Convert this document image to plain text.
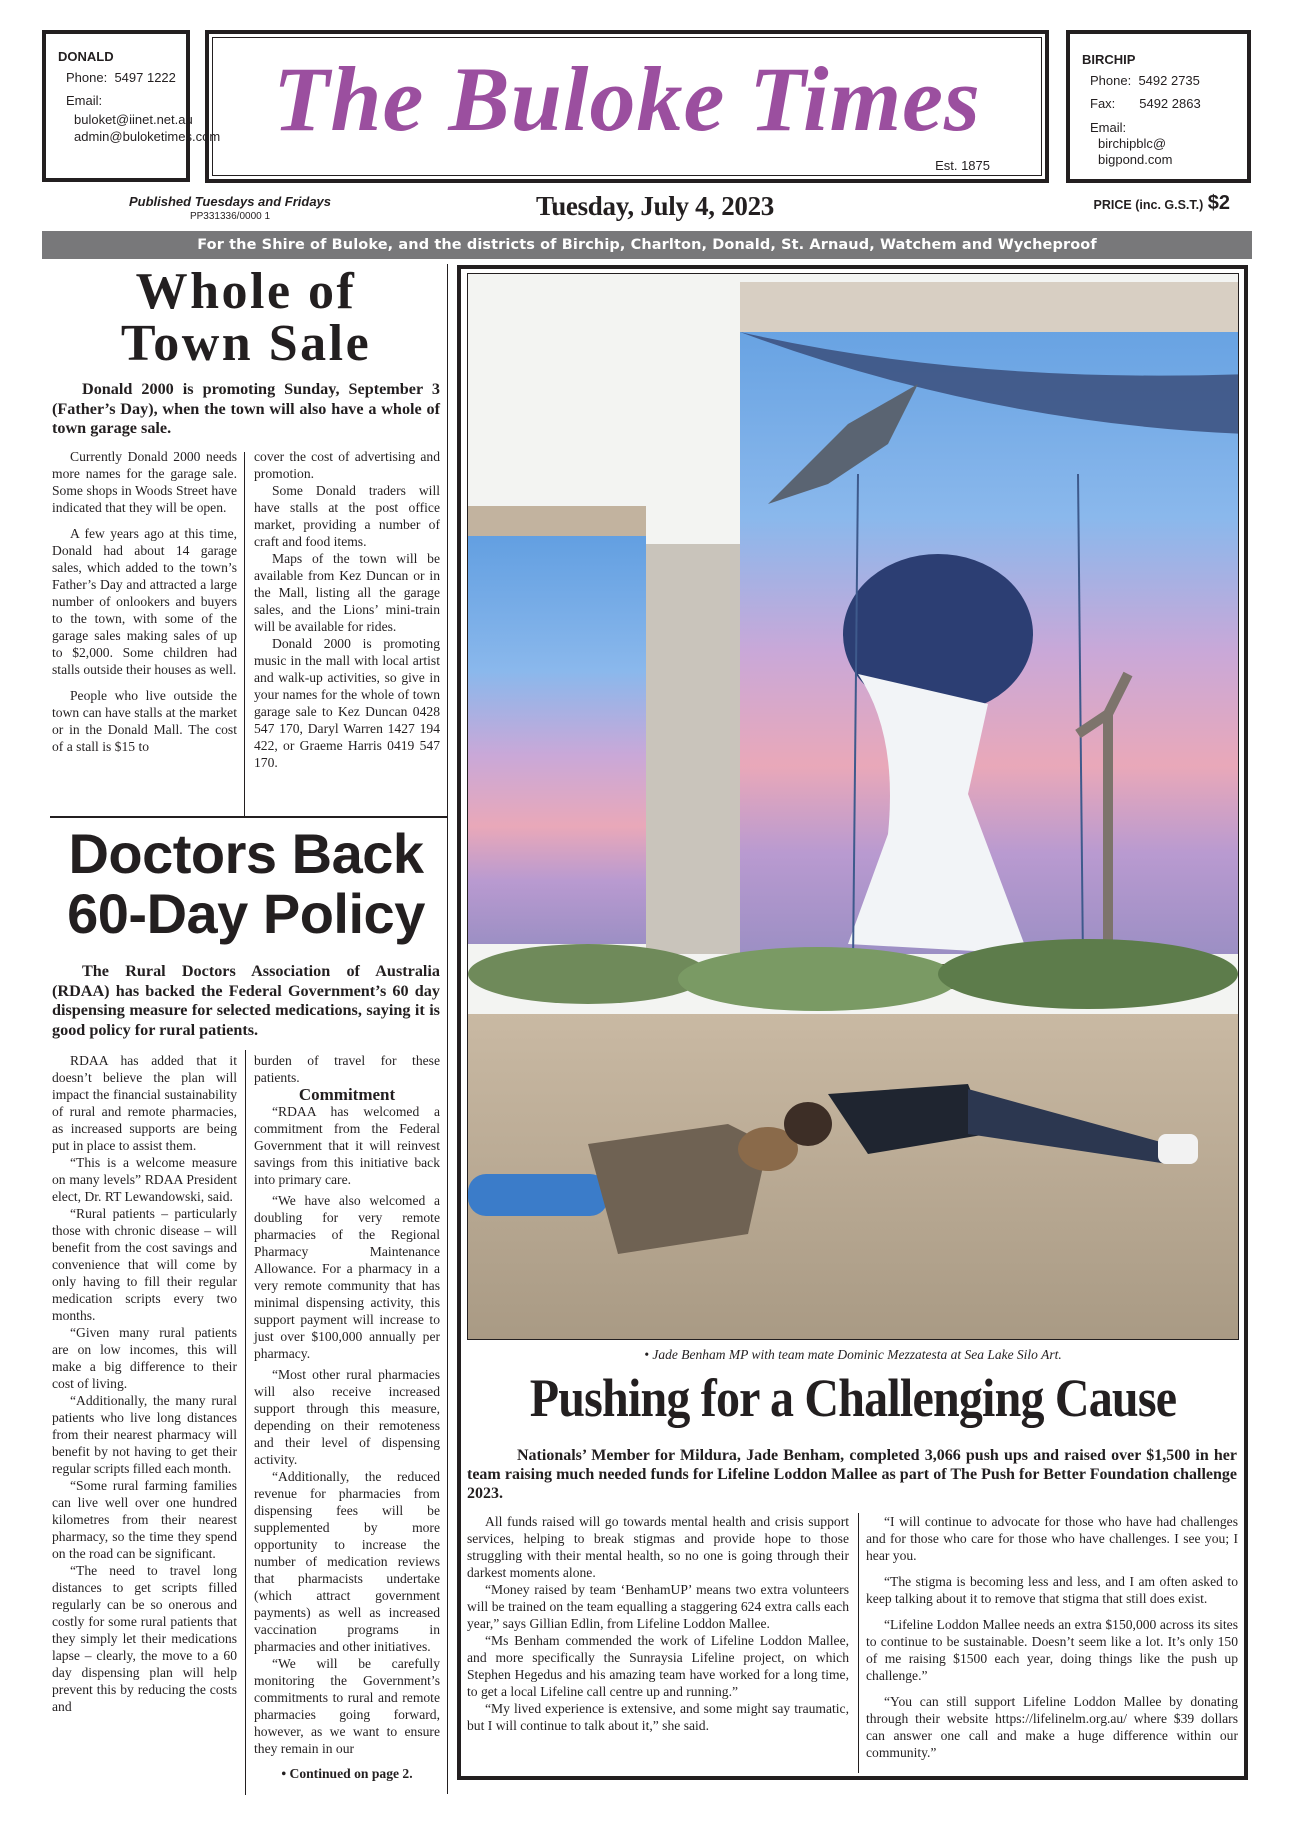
DONALD
Phone: 5497 1222
Email:
buloket@iinet.net.au
admin@buloketimes.com The Buloke Times
Est. 1875
BIRCHIP
Phone: 5492 2735
Fax: 5492 2863
Email:
birchipblc@
bigpond.com
Published Tuesdays and Fridays
PP331336/0000 1	Tuesday, July 4, 2023	PRICE (inc. G.S.T.) $2
For the Shire of Buloke, and the districts of Birchip, Charlton, Donald, St. Arnaud, Watchem and Wycheproof
Whole of
Town Sale
Donald 2000 is promoting Sunday, September 3 (Father’s Day), when the town will also have a whole of town garage sale.

Currently Donald 2000 needs more names for the garage sale. Some shops in Woods Street have indicated that they will be open.

A few years ago at this time, Donald had about 14 garage sales, which added to the town’s Father’s Day and attracted a large number of onlookers and buyers to the town, with some of the garage sales making sales of up to $2,000. Some children had stalls outside their houses as well.

People who live outside the town can have stalls at the market or in the Donald Mall. The cost of a stall is $15 to

cover the cost of advertising and promotion.

Some Donald traders will have stalls at the post office market, providing a number of craft and food items.

Maps of the town will be available from Kez Duncan or in the Mall, listing all the garage sales, and the Lions’ mini-train will be available for rides.

Donald 2000 is promoting music in the mall with local artist and walk-up activities, so give in your names for the whole of town garage sale to Kez Duncan 0428 547 170, Daryl Warren 1427 194 422, or Graeme Harris 0419 547 170.

Doctors Back
60-Day Policy
The Rural Doctors Association of Australia (RDAA) has backed the Federal Government’s 60 day dispensing measure for selected medications, saying it is good policy for rural patients.

RDAA has added that it doesn’t believe the plan will impact the financial sustainability of rural and remote pharmacies, as increased supports are being put in place to assist them.

“This is a welcome measure on many levels” RDAA President elect, Dr. RT Lewandowski, said.

“Rural patients – particularly those with chronic disease – will benefit from the cost savings and convenience that will come by only having to fill their regular medication scripts every two months.

“Given many rural patients are on low incomes, this will make a big difference to their cost of living.

“Additionally, the many rural patients who live long distances from their nearest pharmacy will benefit by not having to get their regular scripts filled each month.

“Some rural farming families can live well over one hundred kilometres from their nearest pharmacy, so the time they spend on the road can be significant.

“The need to travel long distances to get scripts filled regularly can be so onerous and costly for some rural patients that they simply let their medications lapse – clearly, the move to a 60 day dispensing plan will help prevent this by reducing the costs and

burden of travel for these patients.

Commitment

“RDAA has welcomed a commitment from the Federal Government that it will reinvest savings from this initiative back into primary care.

“We have also welcomed a doubling for very remote pharmacies of the Regional Pharmacy Maintenance Allowance. For a pharmacy in a very remote community that has minimal dispensing activity, this support payment will increase to just over $100,000 annually per pharmacy.

“Most other rural pharmacies will also receive increased support through this measure, depending on their remoteness and their level of dispensing activity.

“Additionally, the reduced revenue for pharmacies from dispensing fees will be supplemented by more opportunity to increase the number of medication reviews that pharmacists undertake (which attract government payments) as well as increased vaccination programs in pharmacies and other initiatives.

“We will be carefully monitoring the Government’s commitments to rural and remote pharmacies going forward, however, as we want to ensure they remain in our

• Continued on page 2.

• Jade Benham MP with team mate Dominic Mezzatesta at Sea Lake Silo Art.
Pushing for a Challenging Cause
Nationals’ Member for Mildura, Jade Benham, completed 3,066 push ups and raised over $1,500 in her team raising much needed funds for Lifeline Loddon Mallee as part of The Push for Better Foundation challenge 2023.

All funds raised will go towards mental health and crisis support services, helping to break stigmas and provide hope to those struggling with their mental health, so no one is going through their darkest moments alone.

“Money raised by team ‘BenhamUP’ means two extra volunteers will be trained on the team equalling a staggering 624 extra calls each year,” says Gillian Edlin, from Lifeline Loddon Mallee.

“Ms Benham commended the work of Lifeline Loddon Mallee, and more specifically the Sunraysia Lifeline project, on which Stephen Hegedus and his amazing team have worked for a long time, to get a local Lifeline call centre up and running.”

“My lived experience is extensive, and some might say traumatic, but I will continue to talk about it,” she said.

“I will continue to advocate for those who have had challenges and for those who care for those who have challenges. I see you; I hear you.

“The stigma is becoming less and less, and I am often asked to keep talking about it to remove that stigma that still does exist.

“Lifeline Loddon Mallee needs an extra $150,000 across its sites to continue to be sustainable. Doesn’t seem like a lot. It’s only 150 of me raising $1500 each year, doing things like the push up challenge.”

“You can still support Lifeline Loddon Mallee by donating through their website https://lifelinelm.org.au/ where $39 dollars can answer one call and make a huge difference within our community.”
